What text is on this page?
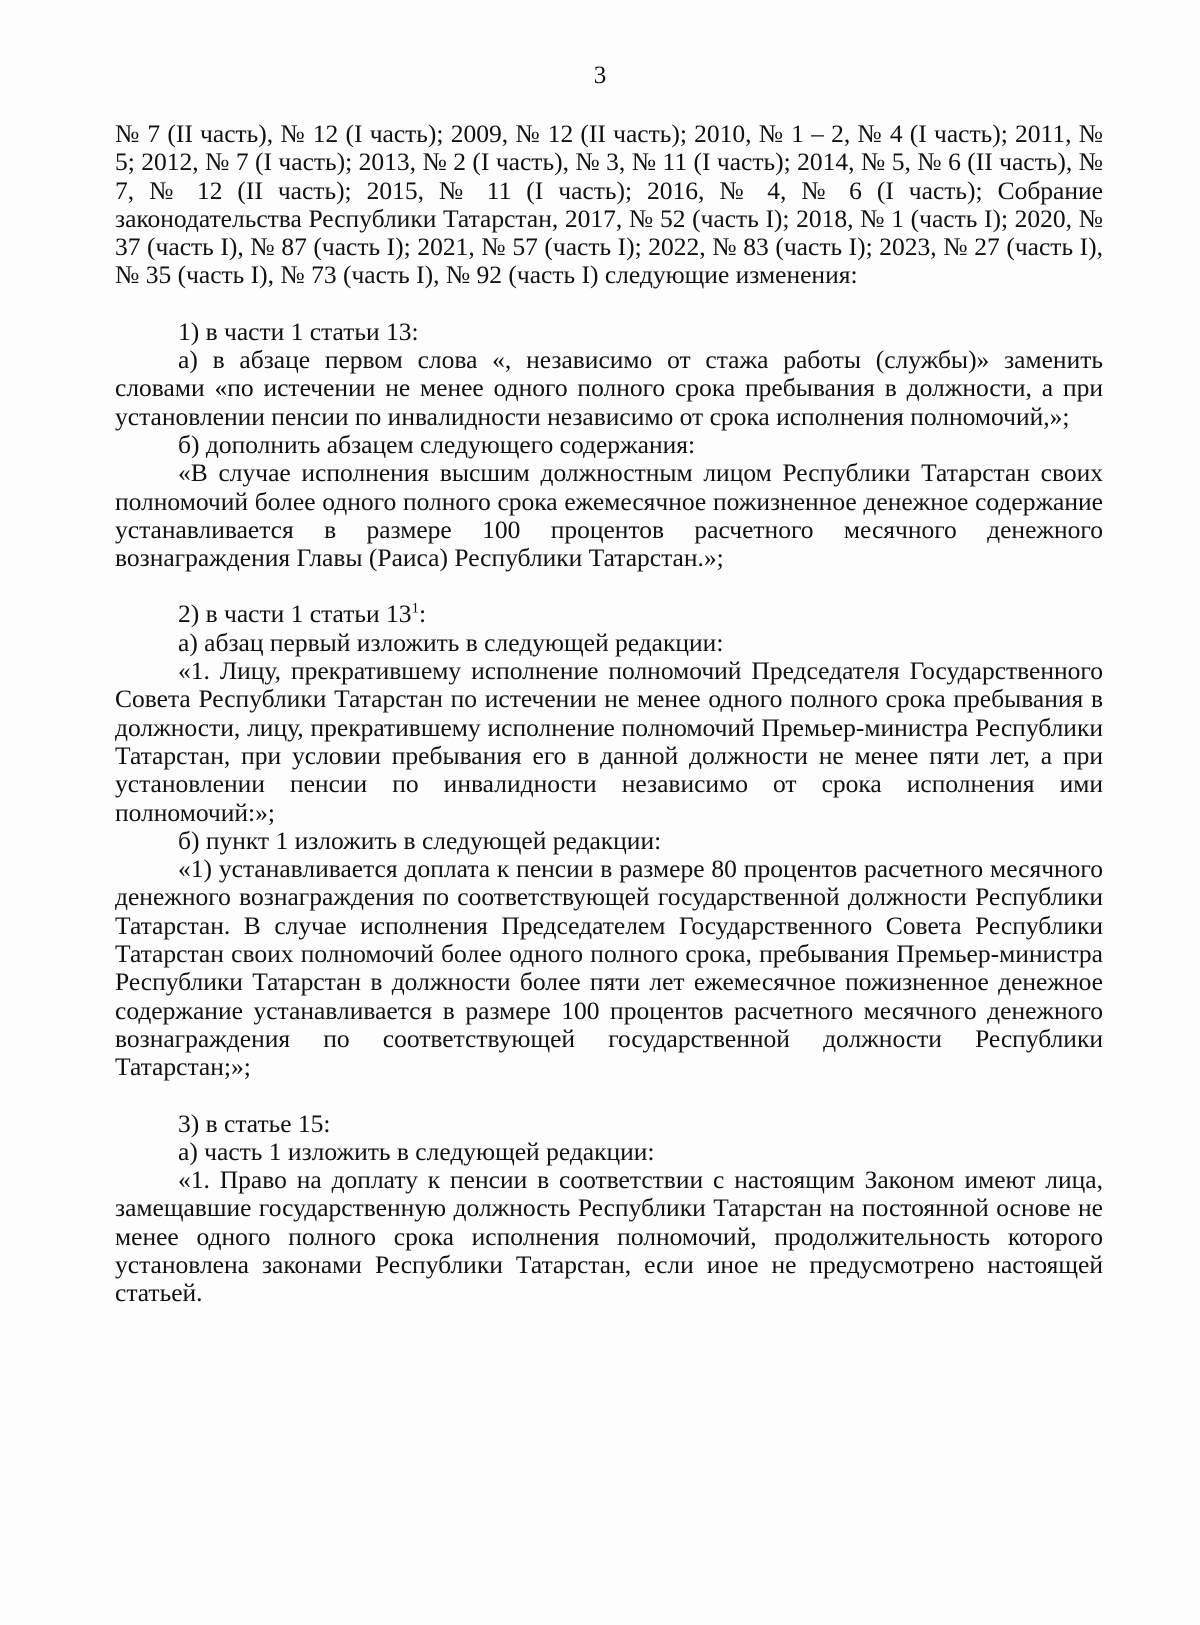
3

№ 7 (II часть), № 12 (I часть); 2009, № 12 (II часть); 2010, № 1 – 2, № 4 (I часть); 2011, № 5; 2012, № 7 (I часть); 2013, № 2 (I часть), № 3, № 11 (I часть); 2014, № 5, № 6 (II часть), № 7, № 12 (II часть); 2015, № 11 (I часть); 2016, № 4, № 6 (I часть); Собрание законодательства Республики Татарстан, 2017, № 52 (часть I); 2018, № 1 (часть I); 2020, № 37 (часть I), № 87 (часть I); 2021, № 57 (часть I); 2022, № 83 (часть I); 2023, № 27 (часть I), № 35 (часть I), № 73 (часть I), № 92 (часть I) следующие изменения:

1) в части 1 статьи 13:

а) в абзаце первом слова «, независимо от стажа работы (службы)» заменить словами «по истечении не менее одного полного срока пребывания в должности, а при установлении пенсии по инвалидности независимо от срока исполнения полномочий,»;

б) дополнить абзацем следующего содержания:

«В случае исполнения высшим должностным лицом Республики Татарстан своих полномочий более одного полного срока ежемесячное пожизненное денежное содержание устанавливается в размере 100 процентов расчетного месячного денежного вознаграждения Главы (Раиса) Республики Татарстан.»;

2) в части 1 статьи $13^1$:

а) абзац первый изложить в следующей редакции:

«1. Лицу, прекратившему исполнение полномочий Председателя Государственного Совета Республики Татарстан по истечении не менее одного полного срока пребывания в должности, лицу, прекратившему исполнение полномочий Премьер-министра Республики Татарстан, при условии пребывания его в данной должности не менее пяти лет, а при установлении пенсии по инвалидности независимо от срока исполнения ими полномочий:»;

б) пункт 1 изложить в следующей редакции:

«1) устанавливается доплата к пенсии в размере 80 процентов расчетного месячного денежного вознаграждения по соответствующей государственной должности Республики Татарстан. В случае исполнения Председателем Государственного Совета Республики Татарстан своих полномочий более одного полного срока, пребывания Премьер-министра Республики Татарстан в должности более пяти лет ежемесячное пожизненное денежное содержание устанавливается в размере 100 процентов расчетного месячного денежного вознаграждения по соответствующей государственной должности Республики Татарстан;»;

3) в статье 15:

а) часть 1 изложить в следующей редакции:

«1. Право на доплату к пенсии в соответствии с настоящим Законом имеют лица, замещавшие государственную должность Республики Татарстан на постоянной основе не менее одного полного срока исполнения полномочий, продолжительность которого установлена законами Республики Татарстан, если иное не предусмотрено настоящей статьей.
